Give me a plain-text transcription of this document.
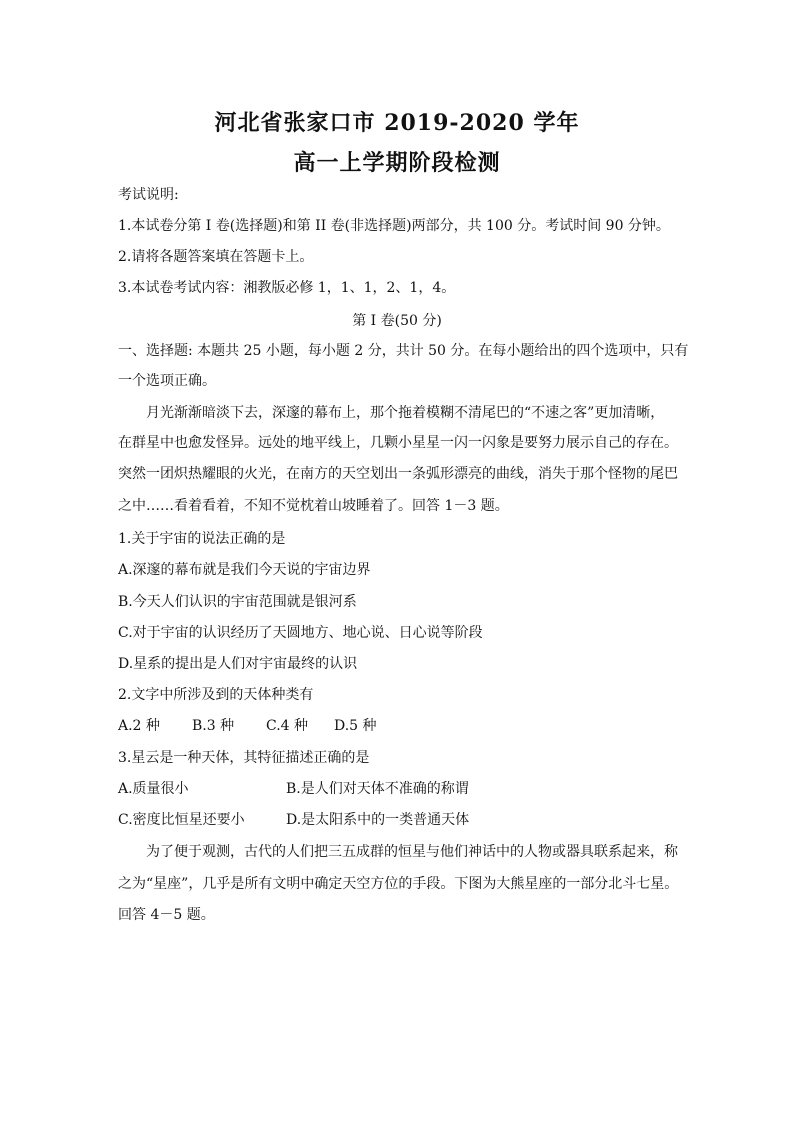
河北省张家口市 2019-2020 学年
高一上学期阶段检测
考试说明:
1.本试卷分第 I 卷(选择题)和第 II 卷(非选择题)两部分，共 100 分。考试时间 90 分钟。
2.请将各题答案填在答题卡上。
3.本试卷考试内容：湘教版必修 1，1、1，2、1，4。
第 I 卷(50 分)
一、选择题: 本题共 25 小题，每小题 2 分，共计 50 分。在每小题给出的四个选项中，只有
一个选项正确。
月光渐渐暗淡下去，深邃的幕布上，那个拖着模糊不清尾巴的“不速之客”更加清晰，
在群星中也愈发怪异。远处的地平线上，几颗小星星一闪一闪象是要努力展示自己的存在。
突然一团炽热耀眼的火光，在南方的天空划出一条弧形漂亮的曲线，消失于那个怪物的尾巴
之中……看着看着，不知不觉枕着山坡睡着了。回答 1－3 题。
1.关于宇宙的说法正确的是
A.深邃的幕布就是我们今天说的宇宙边界
B.今天人们认识的宇宙范围就是银河系
C.对于宇宙的认识经历了天圆地方、地心说、日心说等阶段
D.星系的提出是人们对宇宙最终的认识
2.文字中所涉及到的天体种类有
A.2 种 B.3 种 C.4 种 D.5 种
3.星云是一种天体，其特征描述正确的是
A.质量很小	B.是人们对天体不准确的称谓
C.密度比恒星还要小	D.是太阳系中的一类普通天体
为了便于观测，古代的人们把三五成群的恒星与他们神话中的人物或器具联系起来，称
之为“星座”，几乎是所有文明中确定天空方位的手段。下图为大熊星座的一部分北斗七星。
回答 4－5 题。
